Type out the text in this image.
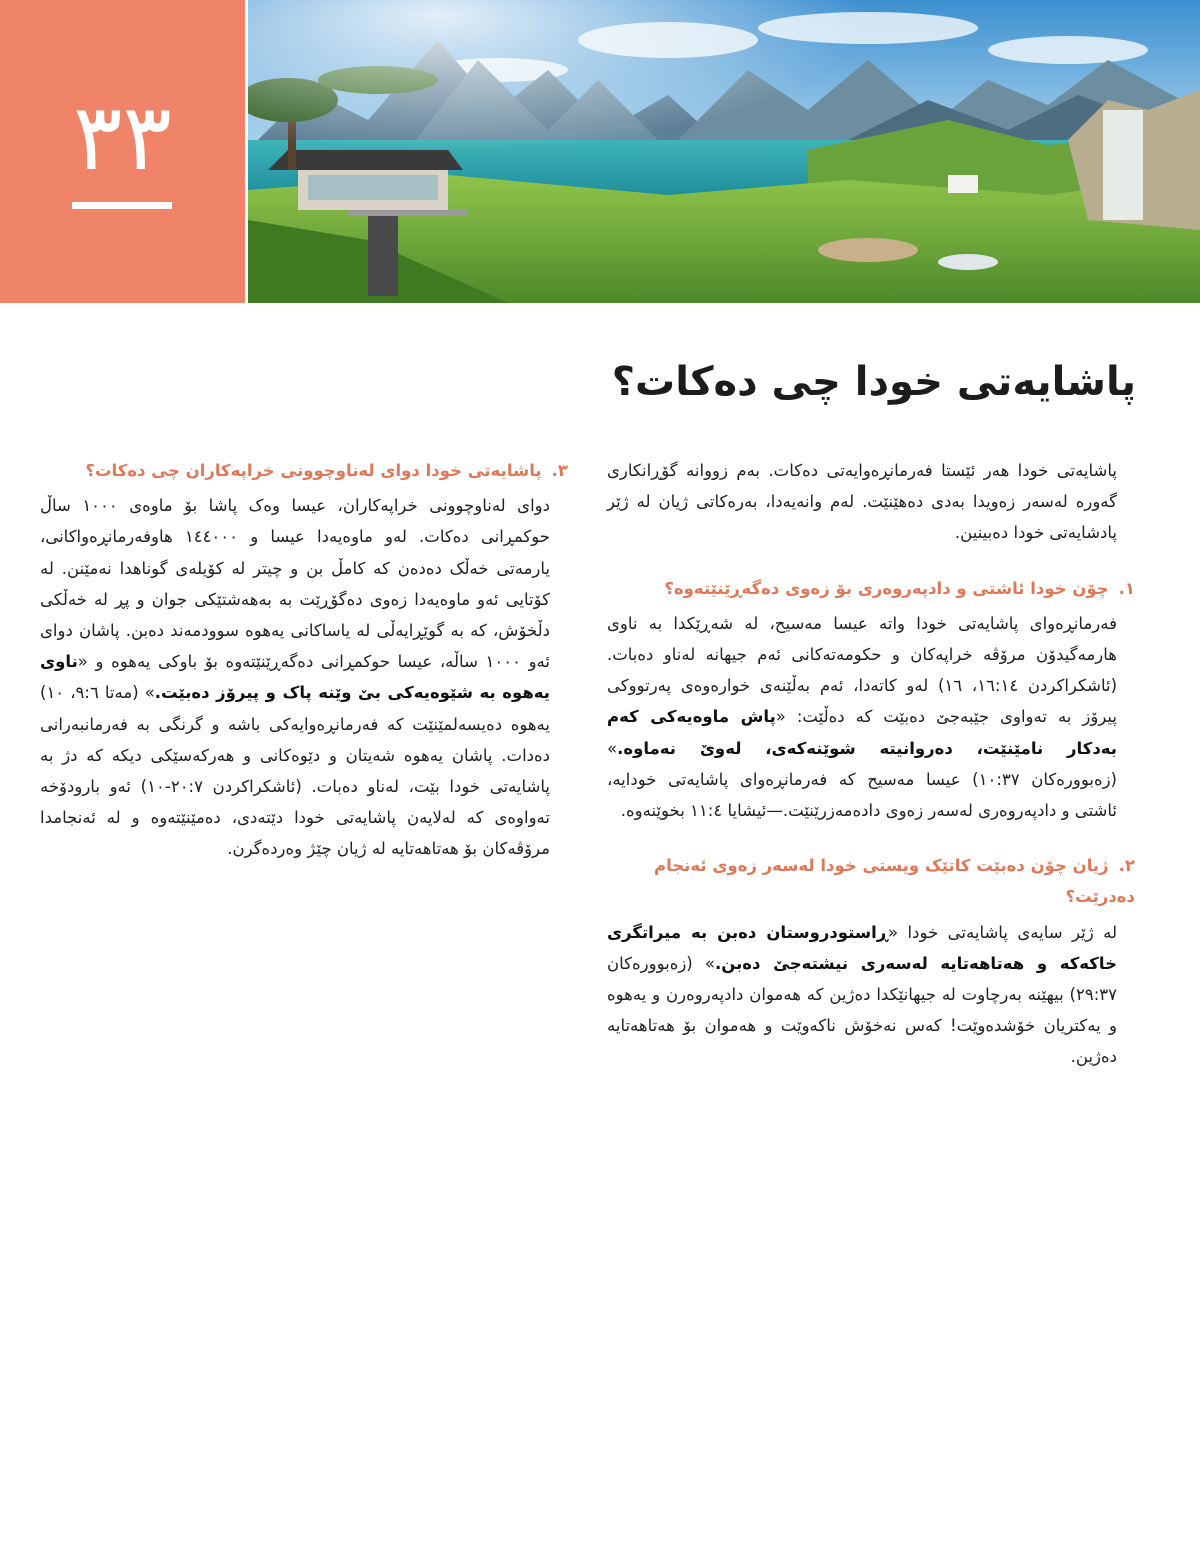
٣٣
پاشایەتی خودا چی دەکات؟

پاشایەتی خودا هەر ئێستا فەرمانڕەوایەتی دەکات. بەم زووانە گۆڕانکاری گەورە لەسەر زەویدا بەدی دەهێنێت. لەم وانەیەدا، بەرەکاتی ژیان لە ژێر پادشایەتی خودا دەبینین.

١.چۆن خودا ئاشتی و دادپەروەری بۆ زەوی دەگەڕێنێتەوە؟

فەرمانڕەوای پاشایەتی خودا واتە عیسا مەسیح، لە شەڕێکدا بە ناوی هارمەگیدۆن مرۆڤە خراپەکان و حکومەتەکانی ئەم جیهانە لەناو دەبات. (ئاشکراکردن ١٦:١٤، ١٦) لەو کاتەدا، ئەم بەڵێنەی خوارەوەی پەرتووکی پیرۆز بە تەواوی جێبەجێ دەبێت کە دەڵێت: «پاش ماوەیەکی کەم بەدکار نامێنێت، دەروانیتە شوێنەکەی، لەوێ نەماوە.» (زەبوورەکان ١٠:٣٧) عیسا مەسیح کە فەرمانڕەوای پاشایەتی خودایە، ئاشتی و دادپەروەری لەسەر زەوی دادەمەزرێنێت.—ئیشایا ١١:٤ بخوێنەوە.

٢.ژیان چۆن دەبێت کاتێک ویستی خودا لەسەر زەوی ئەنجام دەدرێت؟

لە ژێر سایەی پاشایەتی خودا «ڕاستودروستان دەبن بە میراتگری خاکەکە و هەتاهەتایە لەسەری نیشتەجێ دەبن.» (زەبوورەکان ٢٩:٣٧) بیهێنە بەرچاوت لە جیهانێکدا دەژین کە هەموان دادپەروەرن و یەهوە و یەکتریان خۆشدەوێت! کەس نەخۆش ناکەوێت و هەموان بۆ هەتاهەتایە دەژین.

٣.پاشایەتی خودا دوای لەناوچوونی خراپەکاران چی دەکات؟

دوای لەناوچوونی خراپەکاران، عیسا وەک پاشا بۆ ماوەی ١٠٠٠ ساڵ حوکمڕانی دەکات. لەو ماوەیەدا عیسا و ١٤٤٠٠٠ هاوفەرمانڕەواکانی، یارمەتی خەڵک دەدەن کە کامڵ بن و چیتر لە کۆیلەی گوناهدا نەمێنن. لە کۆتایی ئەو ماوەیەدا زەوی دەگۆڕێت بە بەهەشتێکی جوان و پڕ لە خەڵکی دڵخۆش، کە بە گوێڕایەڵی لە یاساکانی یەهوە سوودمەند دەبن. پاشان دوای ئەو ١٠٠٠ ساڵە، عیسا حوکمڕانی دەگەڕێنێتەوە بۆ باوکی یەهوە و «ناوی یەهوە بە شێوەیەکی بێ وێنە پاک و پیرۆز دەبێت.» (مەتا ٩:٦، ١٠) یەهوە دەیسەلمێنێت کە فەرمانڕەوایەکی باشە و گرنگی بە فەرمانبەرانی دەدات. پاشان یەهوە شەیتان و دێوەکانی و هەرکەسێکی دیکە کە دژ بە پاشایەتی خودا بێت، لەناو دەبات. (ئاشکراکردن ٢٠:٧-١٠) ئەو بارودۆخە تەواوەی کە لەلایەن پاشایەتی خودا دێتەدی، دەمێنێتەوە و لە ئەنجامدا مرۆڤەکان بۆ هەتاهەتایە لە ژیان چێژ وەردەگرن.
